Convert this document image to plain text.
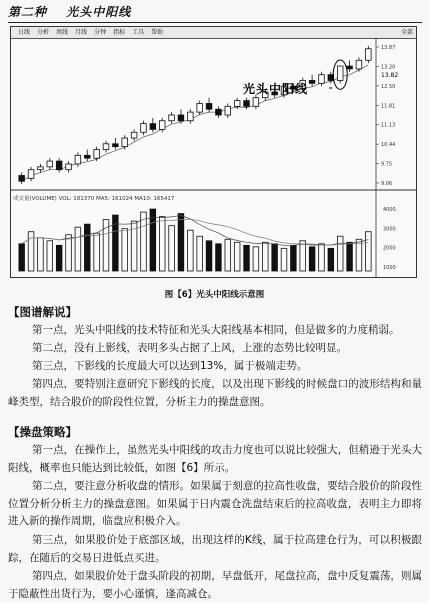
第二种 光头中阳线
日线 分析 周线 月线 分钟 指标 工具 帮助	全部
13.87
13.20
12.50
11.81
11.13
10.44
9.75
9.06
4000
3000
2000
1000
光头中阳线
13.82
成交量(VOLUME) VOL: 181370 MA5: 161024 MA10: 165417
图【6】光头中阳线示意图
【图谱解说】
第一点，光头中阳线的技术特征和光头大阳线基本相同，但是做多的力度稍弱。
第二点，没有上影线，表明多头占据了上风，上涨的态势比较明显。
第三点，下影线的长度最大可以达到13%，属于极端走势。
第四点，要特别注意研究下影线的长度，以及出现下影线的时候盘口的波形结构和量峰类型，结合股价的阶段性位置，分析主力的操盘意图。
【操盘策略】
第一点，在操作上，虽然光头中阳线的攻击力度也可以说比较强大，但稍逊于光头大阳线，概率也只能达到比较低，如图【6】所示。
第二点，要注意分析收盘的情形。如果属于刻意的拉高性收盘，要结合股价的阶段性位置分析分析主力的操盘意图。如果属于日内震仓洗盘结束后的拉高收盘，表明主力即将进入新的操作周期，临盘应积极介入。
第三点，如果股价处于底部区域，出现这样的K线，属于拉高建仓行为，可以积极跟踪，在随后的交易日进低点买进。
第四点，如果股价处于盘头阶段的初期，早盘低开，尾盘拉高，盘中反复震荡，则属于隐蔽性出货行为，要小心谨慎，逢高减仓。
